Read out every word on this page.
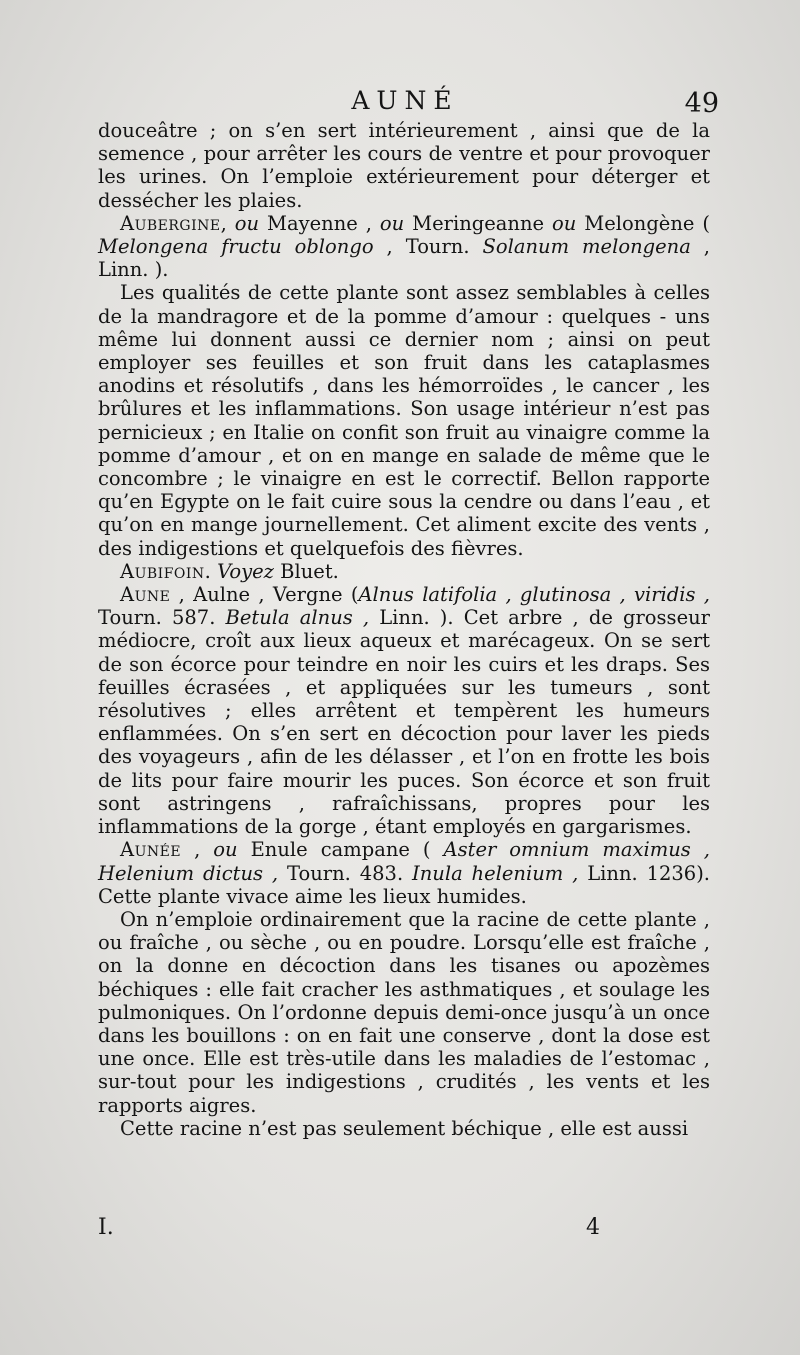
AUNÉ	49

douceâtre ; on s’en sert intérieurement , ainsi que de la semence , pour arrêter les cours de ventre et pour provoquer les urines. On l’emploie extérieurement pour déterger et dessécher les plaies.

Aubergine, ou Mayenne , ou Meringeanne ou Melongène ( Melongena fructu oblongo , Tourn. Solanum melongena , Linn. ).

Les qualités de cette plante sont assez semblables à celles de la mandragore et de la pomme d’amour : quelques - uns même lui donnent aussi ce dernier nom ; ainsi on peut employer ses feuilles et son fruit dans les cataplasmes anodins et résolutifs , dans les hémorroïdes , le cancer , les brûlures et les inflammations. Son usage intérieur n’est pas pernicieux ; en Italie on confit son fruit au vinaigre comme la pomme d’amour , et on en mange en salade de même que le concombre ; le vinaigre en est le correctif. Bellon rapporte qu’en Egypte on le fait cuire sous la cendre ou dans l’eau , et qu’on en mange journellement. Cet aliment excite des vents , des indigestions et quelquefois des fièvres.

Aubifoin. Voyez Bluet.

Aune , Aulne , Vergne (Alnus latifolia , glutinosa , viridis , Tourn. 587. Betula alnus , Linn. ). Cet arbre , de grosseur médiocre, croît aux lieux aqueux et marécageux. On se sert de son écorce pour teindre en noir les cuirs et les draps. Ses feuilles écrasées , et appliquées sur les tumeurs , sont résolutives ; elles arrêtent et tempèrent les humeurs enflammées. On s’en sert en décoction pour laver les pieds des voyageurs , afin de les délasser , et l’on en frotte les bois de lits pour faire mourir les puces. Son écorce et son fruit sont astringens , rafraîchissans, propres pour les inflammations de la gorge , étant employés en gargarismes.

Aunée , ou Enule campane ( Aster omnium maximus , Helenium dictus , Tourn. 483. Inula helenium , Linn. 1236). Cette plante vivace aime les lieux humides.

On n’emploie ordinairement que la racine de cette plante , ou fraîche , ou sèche , ou en poudre. Lorsqu’elle est fraîche , on la donne en décoction dans les tisanes ou apozèmes béchiques : elle fait cracher les asthmatiques , et soulage les pulmoniques. On l’ordonne depuis demi-once jusqu’à un once dans les bouillons : on en fait une conserve , dont la dose est une once. Elle est très-utile dans les maladies de l’estomac , sur-tout pour les indigestions , crudités , les vents et les rapports aigres.

Cette racine n’est pas seulement béchique , elle est aussi

I.	4
